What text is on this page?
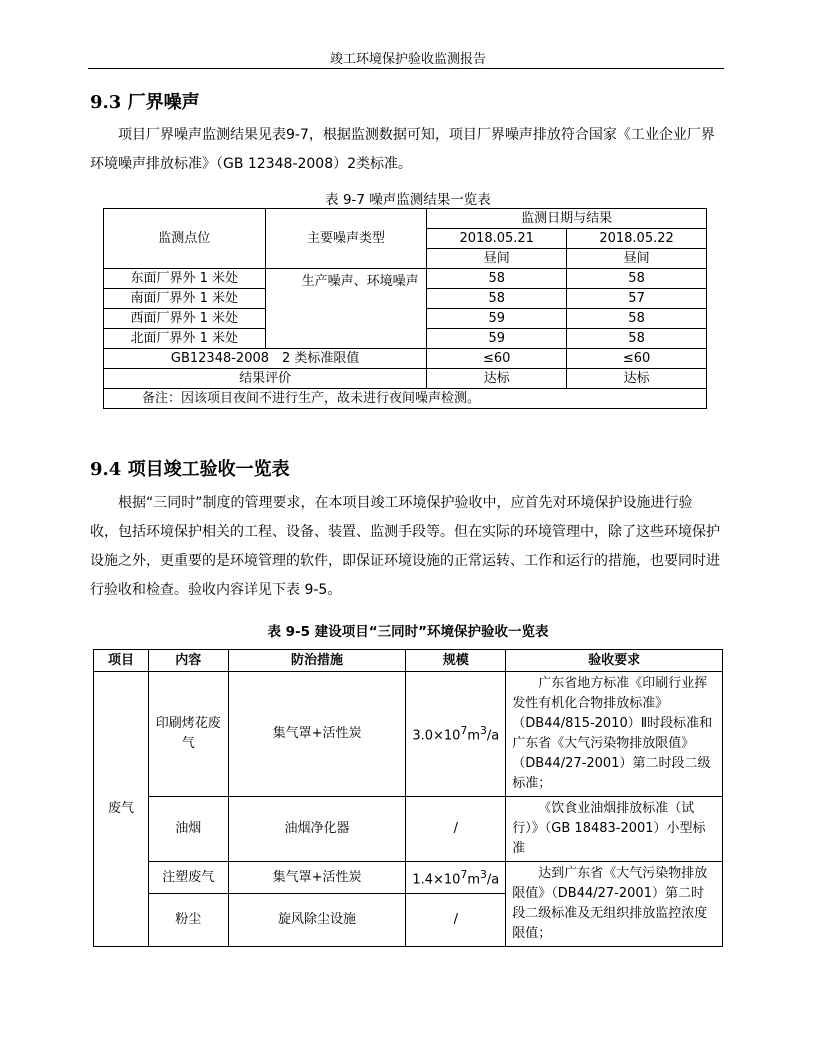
竣工环境保护验收监测报告
9.3 厂界噪声

项目厂界噪声监测结果见表9-7，根据监测数据可知，项目厂界噪声排放符合国家《工业企业厂界环境噪声排放标准》（GB 12348-2008）2类标准。

表 9-7 噪声监测结果一览表
监测点位	主要噪声类型	监测日期与结果	
		2018.05.21	2018.05.22
		昼间	昼间
东面厂界外 1 米处	生产噪声、环境噪声	58	58
南面厂界外 1 米处		58	57
西面厂界外 1 米处		59	58
北面厂界外 1 米处		59	58
GB12348-2008　2 类标准限值		≤60	≤60
结果评价		达标	达标
备注：因该项目夜间不进行生产，故未进行夜间噪声检测。			
9.4 项目竣工验收一览表

根据“三同时”制度的管理要求，在本项目竣工环境保护验收中，应首先对环境保护设施进行验收，包括环境保护相关的工程、设备、装置、监测手段等。但在实际的环境管理中，除了这些环境保护设施之外，更重要的是环境管理的软件，即保证环境设施的正常运转、工作和运行的措施，也要同时进行验收和检查。验收内容详见下表 9-5。

表 9-5 建设项目“三同时”环境保护验收一览表
项目	内容	防治措施	规模	验收要求
废气	印刷烤花废气	集气罩+活性炭	$3.0\times 10^7m^3/a$	广东省地方标准《印刷行业挥发性有机化合物排放标准》（DB44/815-2010）Ⅱ时段标准和广东省《大气污染物排放限值》（DB44/27-2001）第二时段二级标准；
	油烟	油烟净化器	/	《饮食业油烟排放标准（试行）》（GB 18483-2001）小型标准
	注塑废气	集气罩+活性炭	$1.4\times 10^7m^3/a$	达到广东省《大气污染物排放限值》（DB44/27-2001）第二时段二级标准及无组织排放监控浓度限值；
	粉尘	旋风除尘设施	/	
